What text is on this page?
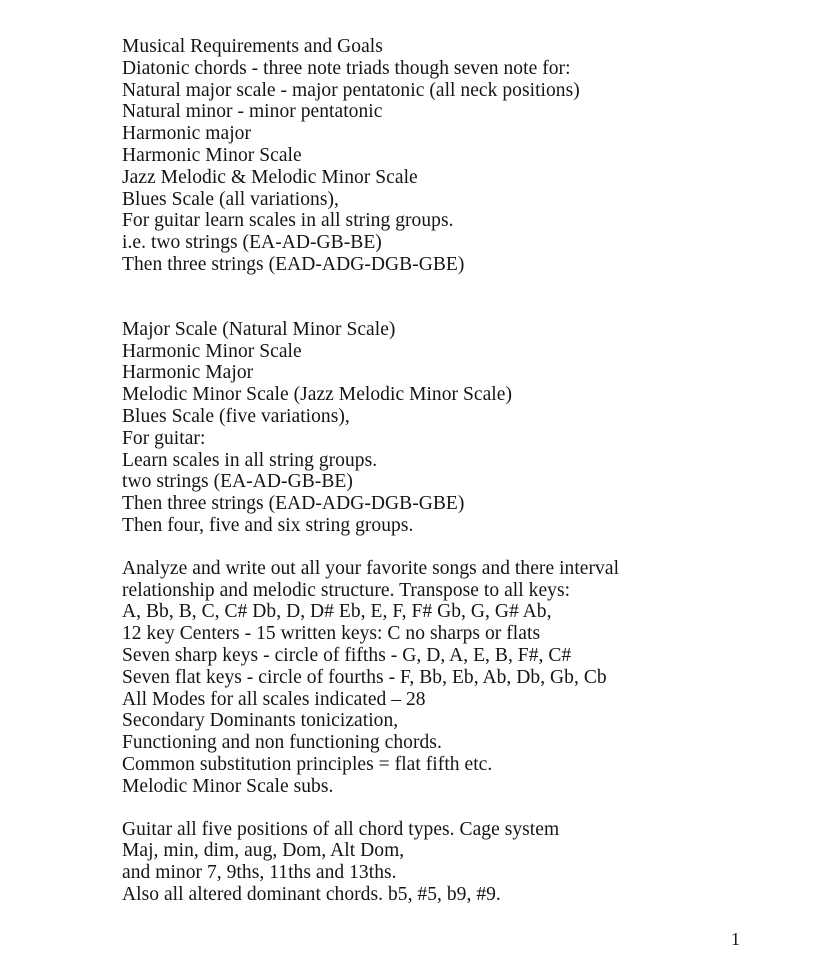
Musical Requirements and Goals
Diatonic chords - three note triads though seven note for:
Natural major scale - major pentatonic (all neck positions)
Natural minor - minor pentatonic
Harmonic major
Harmonic Minor Scale
Jazz Melodic & Melodic Minor Scale
Blues Scale (all variations),
For guitar learn scales in all string groups.
i.e. two strings (EA-AD-GB-BE)
Then three strings (EAD-ADG-DGB-GBE)
Major Scale (Natural Minor Scale)
Harmonic Minor Scale
Harmonic Major
Melodic Minor Scale (Jazz Melodic Minor Scale)
Blues Scale (five variations),
For guitar:
Learn scales in all string groups.
two strings (EA-AD-GB-BE)
Then three strings (EAD-ADG-DGB-GBE)
Then four, five and six string groups.
Analyze and write out all your favorite songs and there interval
relationship and melodic structure. Transpose to all keys:
A, Bb, B, C, C# Db, D, D# Eb, E, F, F# Gb, G, G# Ab,
12 key Centers - 15 written keys: C no sharps or flats
Seven sharp keys - circle of fifths - G, D, A, E, B, F#, C#
Seven flat keys - circle of fourths - F, Bb, Eb, Ab, Db, Gb, Cb
All Modes for all scales indicated – 28
Secondary Dominants tonicization,
Functioning and non functioning chords.
Common substitution principles = flat fifth etc.
Melodic Minor Scale subs.
Guitar all five positions of all chord types. Cage system
Maj, min, dim, aug, Dom, Alt Dom,
and minor 7, 9ths, 11ths and 13ths.
Also all altered dominant chords. b5, #5, b9, #9.
1
